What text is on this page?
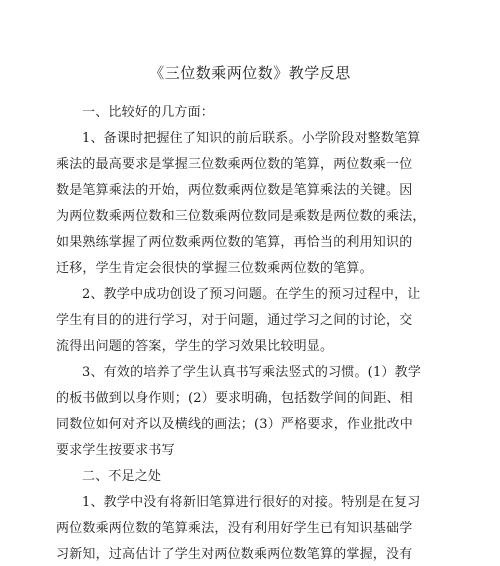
《三位数乘两位数》教学反思
一、比较好的几方面：
1、备课时把握住了知识的前后联系。小学阶段对整数笔算
乘法的最高要求是掌握三位数乘两位数的笔算，两位数乘一位
数是笔算乘法的开始，两位数乘两位数是笔算乘法的关键。因
为两位数乘两位数和三位数乘两位数同是乘数是两位数的乘法，
如果熟练掌握了两位数乘两位数的笔算，再恰当的利用知识的
迁移，学生肯定会很快的掌握三位数乘两位数的笔算。
2、教学中成功创设了预习问题。在学生的预习过程中，让
学生有目的的进行学习，对于问题，通过学习之间的讨论，交
流得出问题的答案，学生的学习效果比较明显。
3、有效的培养了学生认真书写乘法竖式的习惯。(1）教学
的板书做到以身作则；(2）要求明确，包括数学间的间距、相
同数位如何对齐以及横线的画法；(3）严格要求，作业批改中
要求学生按要求书写
二、不足之处
1、教学中没有将新旧笔算进行很好的对接。特别是在复习
两位数乘两位数的笔算乘法，没有利用好学生已有知识基础学
习新知，过高估计了学生对两位数乘两位数笔算的掌握，没有
